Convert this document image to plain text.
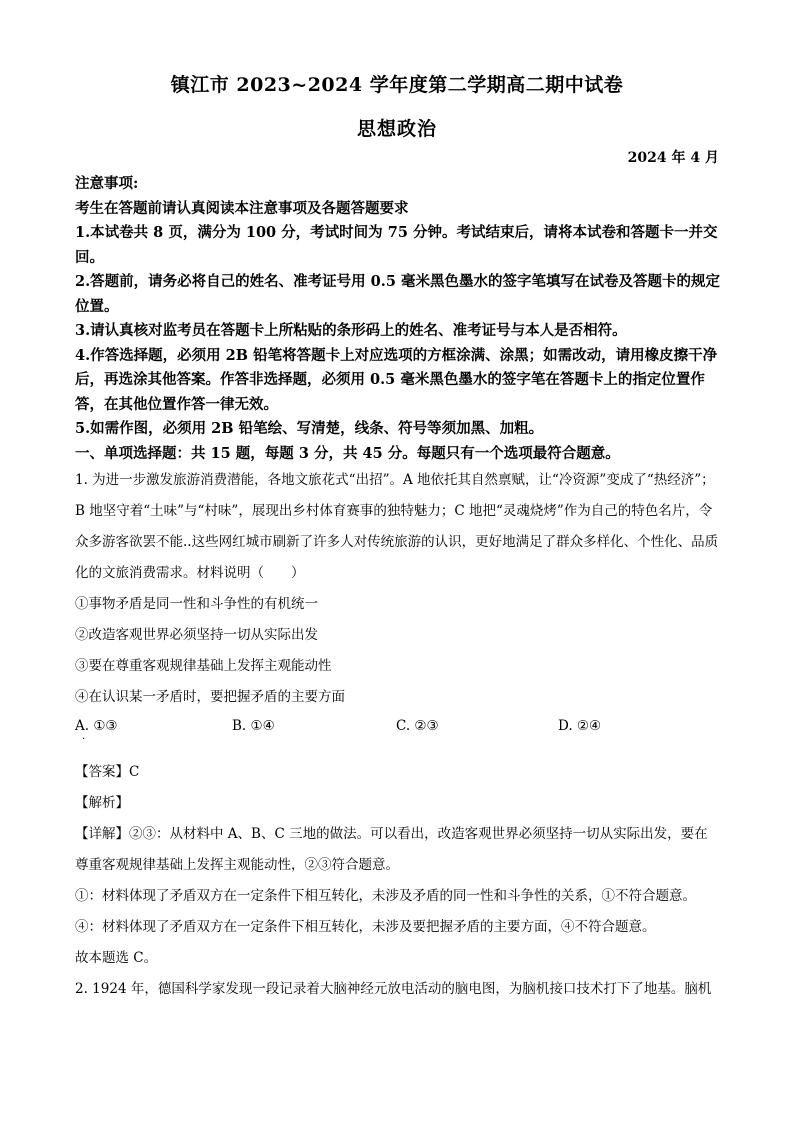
镇江市 2023~2024 学年度第二学期高二期中试卷
思想政治
2024 年 4 月

注意事项:

考生在答题前请认真阅读本注意事项及各题答题要求

1.本试卷共 8 页，满分为 100 分，考试时间为 75 分钟。考试结束后，请将本试卷和答题卡一并交回。

2.答题前，请务必将自己的姓名、准考证号用 0.5 毫米黑色墨水的签字笔填写在试卷及答题卡的规定位置。

3.请认真核对监考员在答题卡上所粘贴的条形码上的姓名、准考证号与本人是否相符。

4.作答选择题，必须用 2B 铅笔将答题卡上对应选项的方框涂满、涂黑；如需改动，请用橡皮擦干净后，再选涂其他答案。作答非选择题，必须用 0.5 毫米黑色墨水的签字笔在答题卡上的指定位置作答，在其他位置作答一律无效。

5.如需作图，必须用 2B 铅笔绘、写清楚，线条、符号等须加黑、加粗。

一、单项选择题：共 15 题，每题 3 分，共 45 分。每题只有一个选项最符合题意。

1. 为进一步激发旅游消费潜能，各地文旅花式“出招”。A 地依托其自然禀赋，让“冷资源”变成了“热经济”；B 地坚守着“土味”与“村味”，展现出乡村体育赛事的独特魅力；C 地把“灵魂烧烤”作为自己的特色名片，令众多游客欲罢不能..这些网红城市刷新了许多人对传统旅游的认识，更好地满足了群众多样化、个性化、品质化的文旅消费需求。材料说明（　　）

①事物矛盾是同一性和斗争性的有机统一

②改造客观世界必须坚持一切从实际出发

③要在尊重客观规律基础上发挥主观能动性

④在认识某一矛盾时，要把握矛盾的主要方面

A. ①③	B. ①④	C. ②③	D. ②④
·

【答案】C

【解析】

【详解】②③：从材料中 A、B、C 三地的做法。可以看出，改造客观世界必须坚持一切从实际出发，要在尊重客观规律基础上发挥主观能动性，②③符合题意。

①：材料体现了矛盾双方在一定条件下相互转化，未涉及矛盾的同一性和斗争性的关系，①不符合题意。

④：材料体现了矛盾双方在一定条件下相互转化，未涉及要把握矛盾的主要方面，④不符合题意。

故本题选 C。

2. 1924 年，德国科学家发现一段记录着大脑神经元放电活动的脑电图，为脑机接口技术打下了地基。脑机
